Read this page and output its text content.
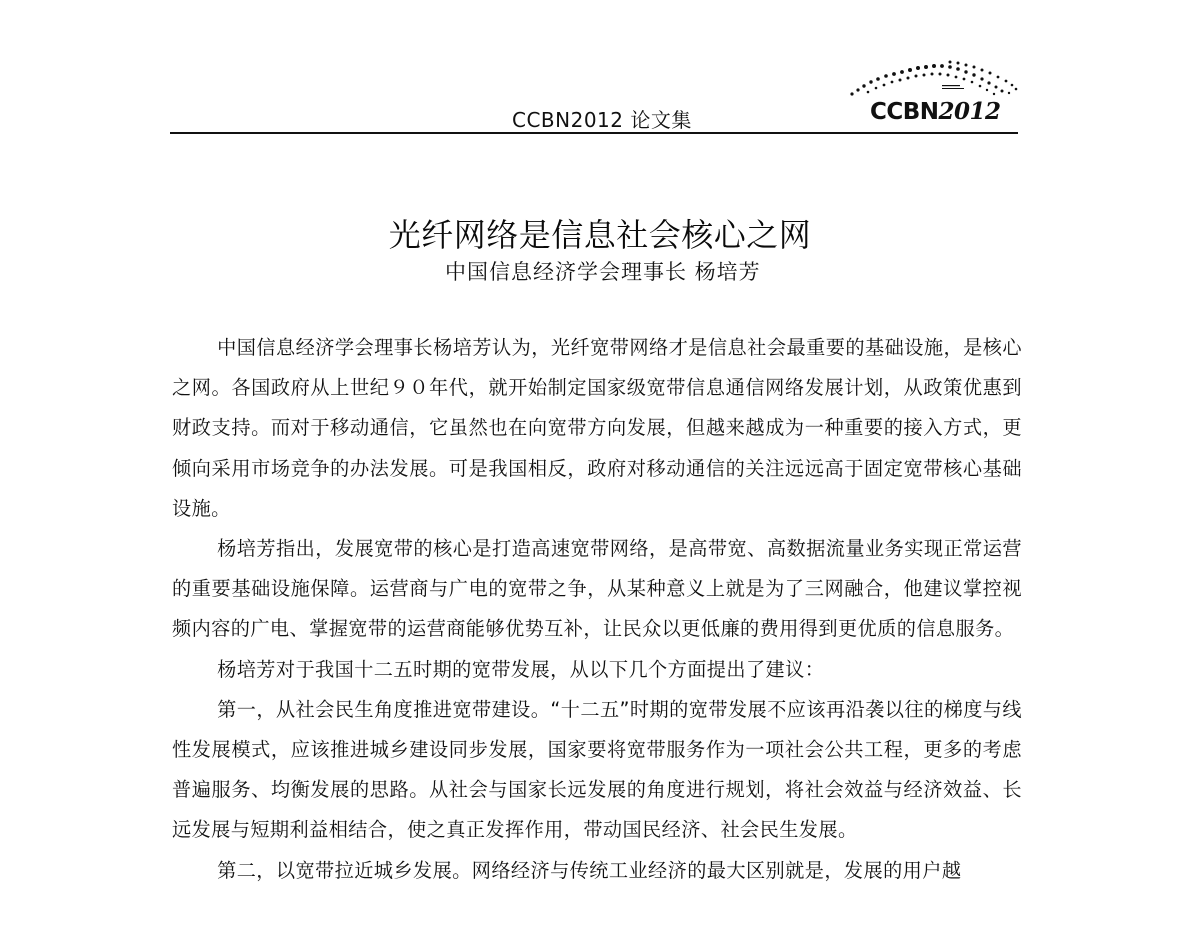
CCBN2012 论文集	CCBN2012
光纤网络是信息社会核心之网
中国信息经济学会理事长 杨培芳

中国信息经济学会理事长杨培芳认为，光纤宽带网络才是信息社会最重要的基础设施，是核心之网。各国政府从上世纪９０年代，就开始制定国家级宽带信息通信网络发展计划，从政策优惠到财政支持。而对于移动通信，它虽然也在向宽带方向发展，但越来越成为一种重要的接入方式，更倾向采用市场竞争的办法发展。可是我国相反，政府对移动通信的关注远远高于固定宽带核心基础设施。

杨培芳指出，发展宽带的核心是打造高速宽带网络，是高带宽、高数据流量业务实现正常运营的重要基础设施保障。运营商与广电的宽带之争，从某种意义上就是为了三网融合，他建议掌控视频内容的广电、掌握宽带的运营商能够优势互补，让民众以更低廉的费用得到更优质的信息服务。

杨培芳对于我国十二五时期的宽带发展，从以下几个方面提出了建议：

第一，从社会民生角度推进宽带建设。“十二五”时期的宽带发展不应该再沿袭以往的梯度与线性发展模式，应该推进城乡建设同步发展，国家要将宽带服务作为一项社会公共工程，更多的考虑普遍服务、均衡发展的思路。从社会与国家长远发展的角度进行规划，将社会效益与经济效益、长远发展与短期利益相结合，使之真正发挥作用，带动国民经济、社会民生发展。

第二，以宽带拉近城乡发展。网络经济与传统工业经济的最大区别就是，发展的用户越
